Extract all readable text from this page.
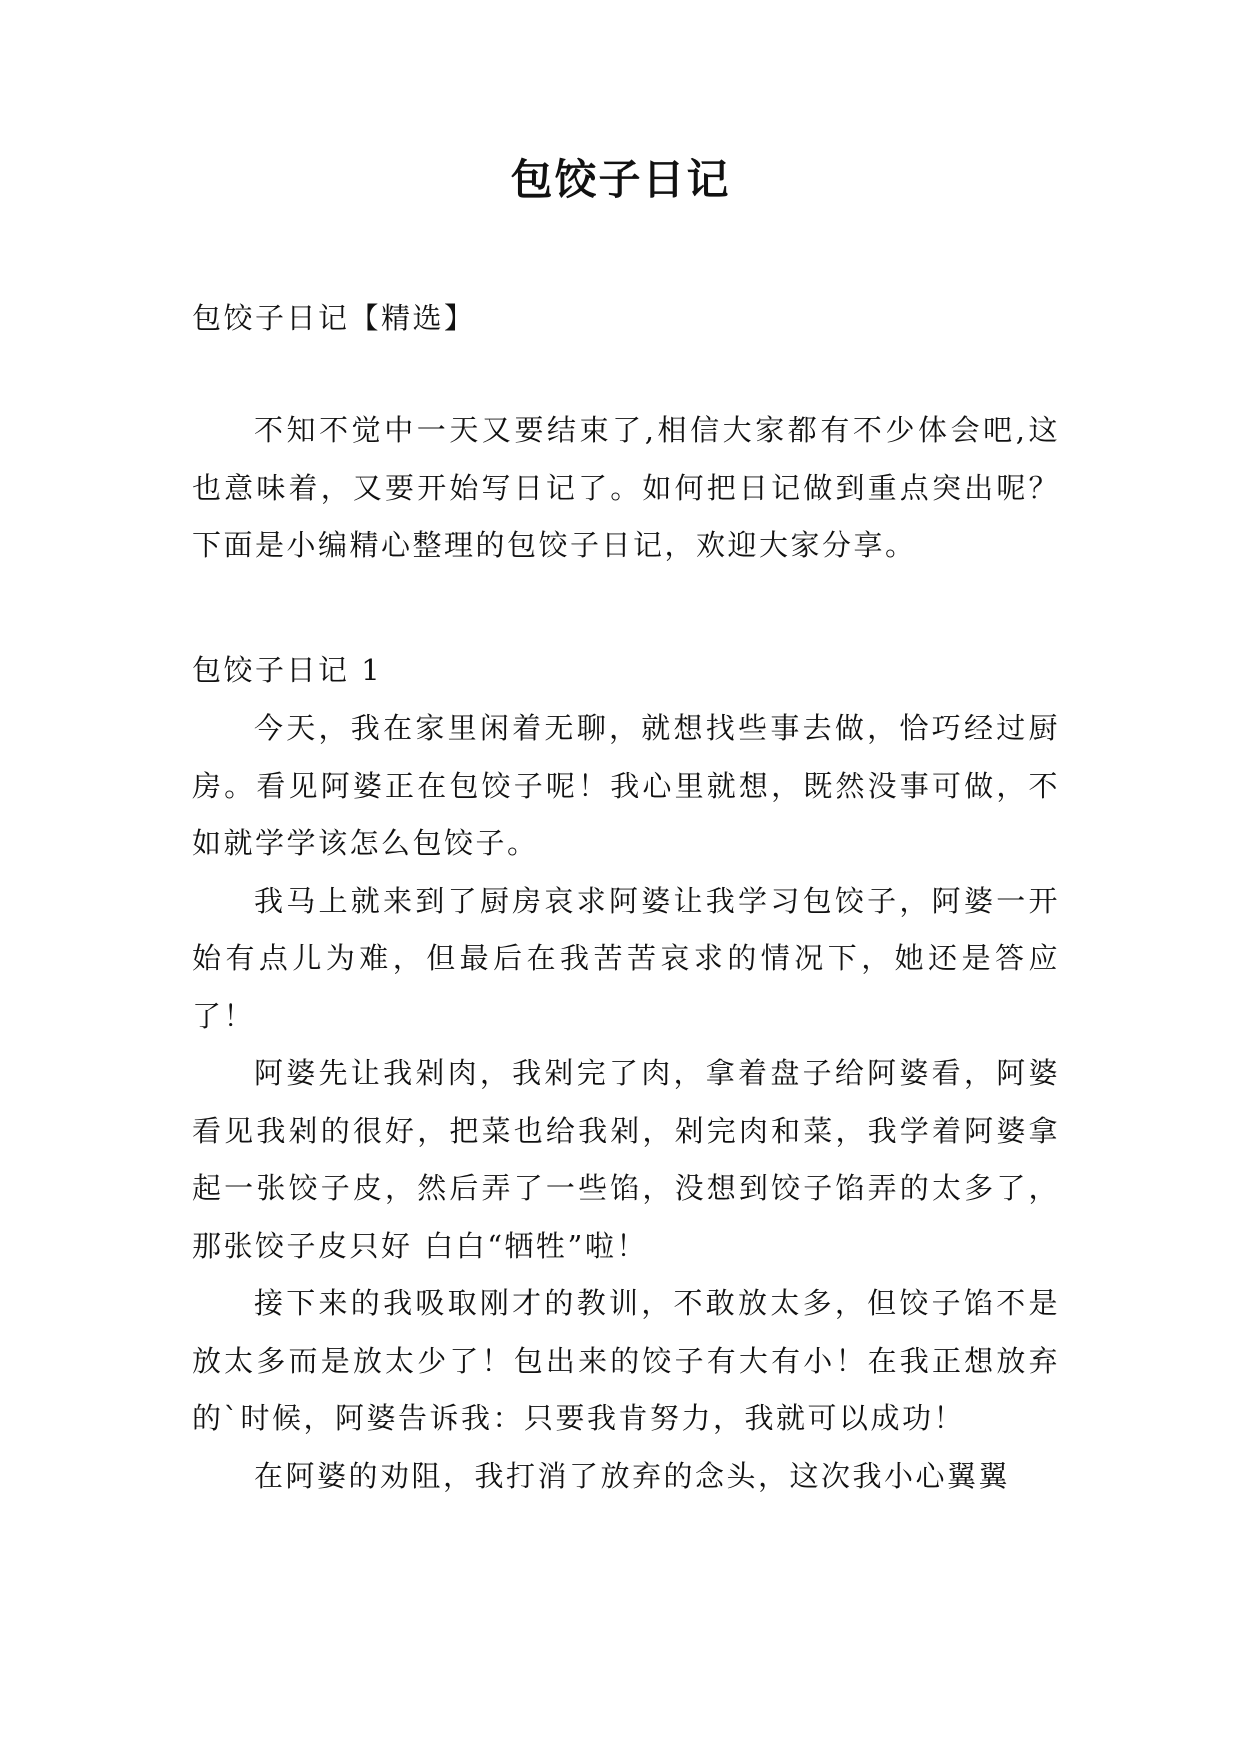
包饺子日记
包饺子日记【精选】

不知不觉中一天又要结束了,相信大家都有不少体会吧,这也意味着，又要开始写日记了。如何把日记做到重点突出呢？下面是小编精心整理的包饺子日记，欢迎大家分享。

包饺子日记 1

今天，我在家里闲着无聊，就想找些事去做，恰巧经过厨房。看见阿婆正在包饺子呢！我心里就想，既然没事可做，不如就学学该怎么包饺子。

我马上就来到了厨房哀求阿婆让我学习包饺子，阿婆一开始有点儿为难，但最后在我苦苦哀求的情况下，她还是答应了！

阿婆先让我剁肉，我剁完了肉，拿着盘子给阿婆看，阿婆看见我剁的很好，把菜也给我剁，剁完肉和菜，我学着阿婆拿起一张饺子皮，然后弄了一些馅，没想到饺子馅弄的太多了，那张饺子皮只好 白白“牺牲”啦！

接下来的我吸取刚才的教训，不敢放太多，但饺子馅不是放太多而是放太少了！包出来的饺子有大有小！在我正想放弃的`时候，阿婆告诉我：只要我肯努力，我就可以成功！

在阿婆的劝阻，我打消了放弃的念头，这次我小心翼翼
